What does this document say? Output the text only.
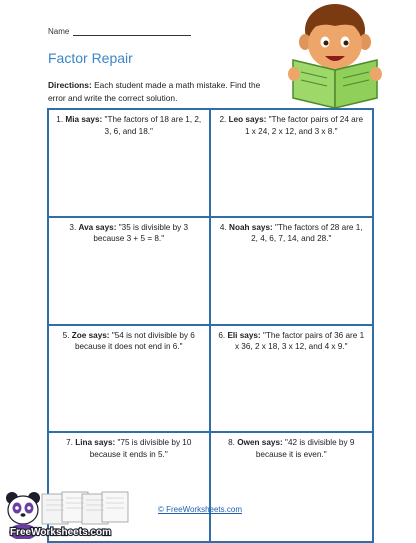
Name
Factor Repair
Directions: Each student made a math mistake. Find the error and write the correct solution.
1. Mia says: "The factors of 18 are 1, 2, 3, 6, and 18."
2. Leo says: "The factor pairs of 24 are 1 x 24, 2 x 12, and 3 x 8."
3. Ava says: "35 is divisible by 3 because 3 + 5 = 8."
4. Noah says: "The factors of 28 are 1, 2, 4, 6, 7, 14, and 28."
5. Zoe says: "54 is not divisible by 6 because it does not end in 6."
6. Eli says: "The factor pairs of 36 are 1 x 36, 2 x 18, 3 x 12, and 4 x 9."
7. Lina says: "75 is divisible by 10 because it ends in 5."
8. Owen says: "42 is divisible by 9 because it is even."
FreeWorksheets.com
© FreeWorksheets.com
